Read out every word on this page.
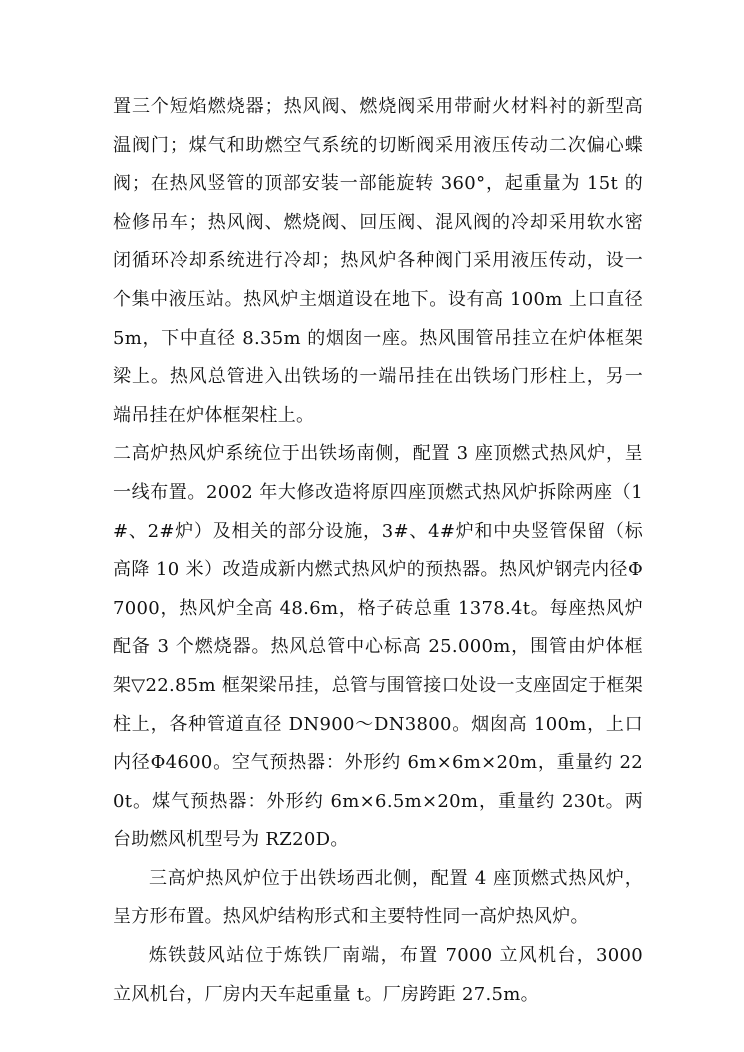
置三个短焰燃烧器；热风阀、燃烧阀采用带耐火材料衬的新型高温阀门；煤气和助燃空气系统的切断阀采用液压传动二次偏心蝶阀；在热风竖管的顶部安装一部能旋转 360°，起重量为 15t 的检修吊车；热风阀、燃烧阀、回压阀、混风阀的冷却采用软水密闭循环冷却系统进行冷却；热风炉各种阀门采用液压传动，设一个集中液压站。热风炉主烟道设在地下。设有高 100m 上口直径 5m，下中直径 8.35m 的烟囱一座。热风围管吊挂立在炉体框架梁上。热风总管进入出铁场的一端吊挂在出铁场门形柱上，另一端吊挂在炉体框架柱上。

二高炉热风炉系统位于出铁场南侧，配置 3 座顶燃式热风炉，呈一线布置。2002 年大修改造将原四座顶燃式热风炉拆除两座（1#、2#炉）及相关的部分设施，3#、4#炉和中央竖管保留（标高降 10 米）改造成新内燃式热风炉的预热器。热风炉钢壳内径Φ7000，热风炉全高 48.6m，格子砖总重 1378.4t。每座热风炉配备 3 个燃烧器。热风总管中心标高 25.000m，围管由炉体框架▽22.85m 框架梁吊挂，总管与围管接口处设一支座固定于框架柱上，各种管道直径 DN900～DN3800。烟囱高 100m，上口内径Φ4600。空气预热器：外形约 6m×6m×20m，重量约 220t。煤气预热器：外形约 6m×6.5m×20m，重量约 230t。两台助燃风机型号为 RZ20D。

三高炉热风炉位于出铁场西北侧，配置 4 座顶燃式热风炉，呈方形布置。热风炉结构形式和主要特性同一高炉热风炉。

炼铁鼓风站位于炼铁厂南端，布置 7000 立风机台，3000 立风机台，厂房内天车起重量 t。厂房跨距 27.5m。
